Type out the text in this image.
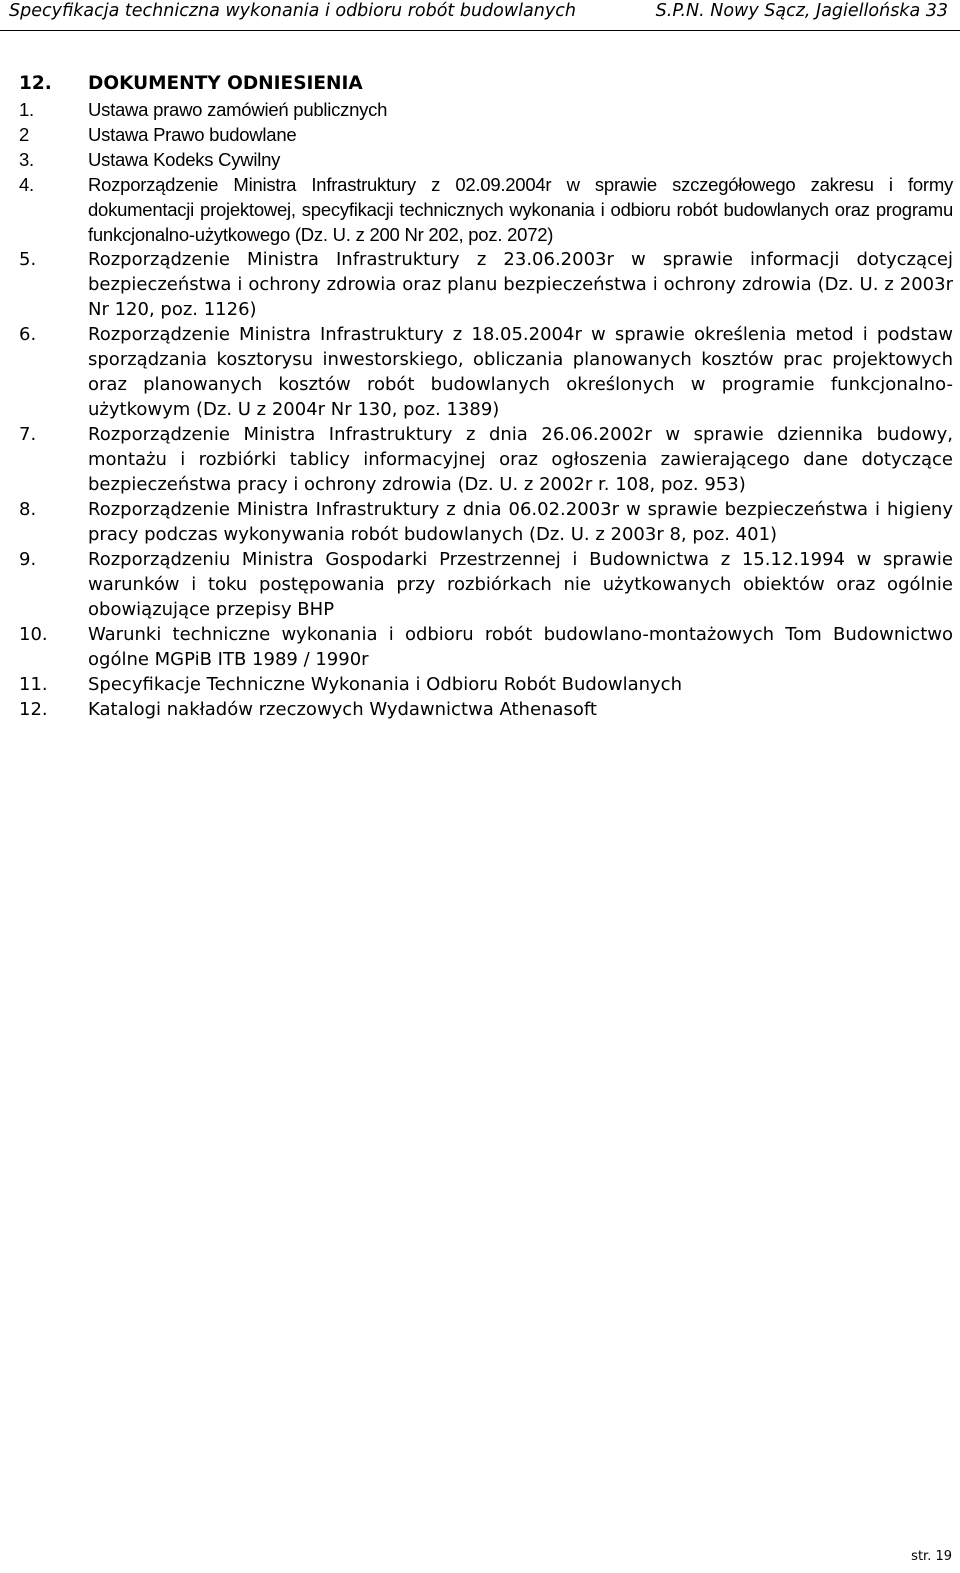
Specyfikacja techniczna wykonania i odbioru robót budowlanych	S.P.N. Nowy Sącz, Jagiellońska 33
12. DOKUMENTY ODNIESIENIA
1.	Ustawa prawo zamówień publicznych
2	Ustawa Prawo budowlane
3.	Ustawa Kodeks Cywilny
4.	Rozporządzenie Ministra Infrastruktury z 02.09.2004r w sprawie szczegółowego zakresu i formy dokumentacji projektowej, specyfikacji technicznych wykonania i odbioru robót budowlanych oraz programu funkcjonalno-użytkowego (Dz. U. z 200 Nr 202, poz. 2072)
5.	Rozporządzenie Ministra Infrastruktury z 23.06.2003r w sprawie informacji dotyczącej bezpieczeństwa i ochrony zdrowia oraz planu bezpieczeństwa i ochrony zdrowia (Dz. U. z 2003r Nr 120, poz. 1126)
6.	Rozporządzenie Ministra Infrastruktury z 18.05.2004r w sprawie określenia metod i podstaw sporządzania kosztorysu inwestorskiego, obliczania planowanych kosztów prac projektowych oraz planowanych kosztów robót budowlanych określonych w programie funkcjonalno-użytkowym (Dz. U z 2004r Nr 130, poz. 1389)
7.	Rozporządzenie Ministra Infrastruktury z dnia 26.06.2002r w sprawie dziennika budowy, montażu i rozbiórki tablicy informacyjnej oraz ogłoszenia zawierającego dane dotyczące bezpieczeństwa pracy i ochrony zdrowia (Dz. U. z 2002r r. 108, poz. 953)
8.	Rozporządzenie Ministra Infrastruktury z dnia 06.02.2003r w sprawie bezpieczeństwa i higieny pracy podczas wykonywania robót budowlanych (Dz. U. z 2003r 8, poz. 401)
9.	Rozporządzeniu Ministra Gospodarki Przestrzennej i Budownictwa z 15.12.1994 w sprawie warunków i toku postępowania przy rozbiórkach nie użytkowanych obiektów oraz ogólnie obowiązujące przepisy BHP
10. Warunki techniczne wykonania i odbioru robót budowlano-montażowych Tom Budownictwo ogólne MGPiB ITB 1989 / 1990r
11. Specyfikacje Techniczne Wykonania i Odbioru Robót Budowlanych
12. Katalogi nakładów rzeczowych Wydawnictwa Athenasoft
str. 19
